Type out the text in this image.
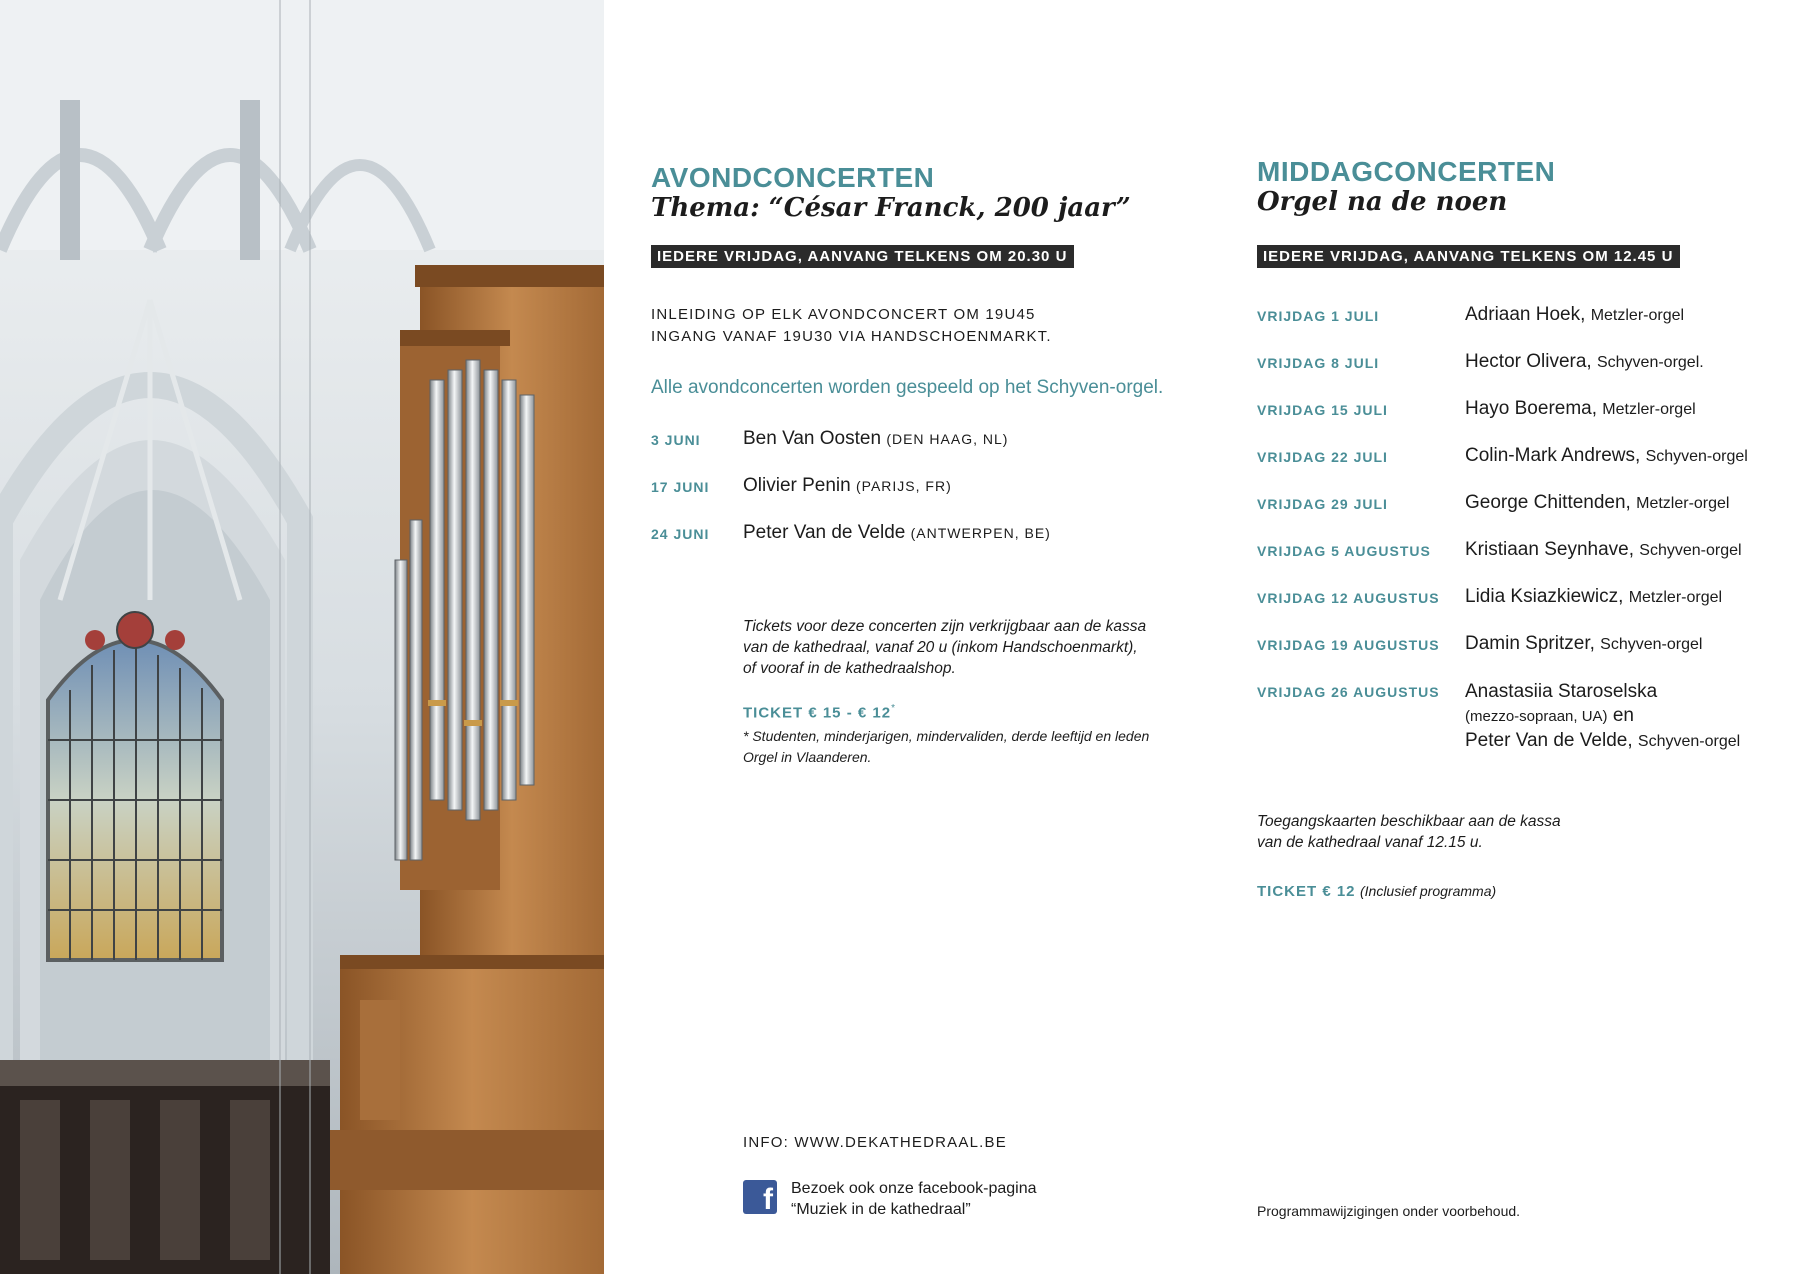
AVONDCONCERTEN
Thema: “César Franck, 200 jaar”
IEDERE VRIJDAG, AANVANG TELKENS OM 20.30 U
INLEIDING OP ELK AVONDCONCERT OM 19U45
INGANG VANAF 19U30 VIA HANDSCHOENMARKT.
Alle avondconcerten worden gespeeld op het Schyven-orgel.
3 JUNI Ben Van Oosten (DEN HAAG, NL)
17 JUNI Olivier Penin (PARIJS, FR)
24 JUNI Peter Van de Velde (ANTWERPEN, BE)
Tickets voor deze concerten zijn verkrijgbaar aan de kassa
van de kathedraal, vanaf 20 u (inkom Handschoenmarkt),
of vooraf in de kathedraalshop.
TICKET € 15 - € 12*
* Studenten, minderjarigen, mindervaliden, derde leeftijd en leden
Orgel in Vlaanderen.
INFO: WWW.DEKATHEDRAAL.BE
f Bezoek ook onze facebook-pagina
“Muziek in de kathedraal”
MIDDAGCONCERTEN
Orgel na de noen
IEDERE VRIJDAG, AANVANG TELKENS OM 12.45 U
VRIJDAG 1 JULI	Adriaan Hoek, Metzler-orgel
VRIJDAG 8 JULI	Hector Olivera, Schyven-orgel.
VRIJDAG 15 JULI	Hayo Boerema, Metzler-orgel
VRIJDAG 22 JULI	Colin-Mark Andrews, Schyven-orgel
VRIJDAG 29 JULI	George Chittenden, Metzler-orgel
VRIJDAG 5 AUGUSTUS Kristiaan Seynhave, Schyven-orgel
VRIJDAG 12 AUGUSTUS Lidia Ksiazkiewicz, Metzler-orgel
VRIJDAG 19 AUGUSTUS Damin Spritzer, Schyven-orgel
VRIJDAG 26 AUGUSTUS Anastasiia Staroselska
(mezzo-sopraan, UA) en
Peter Van de Velde, Schyven-orgel
Toegangskaarten beschikbaar aan de kassa
van de kathedraal vanaf 12.15 u.
TICKET € 12 (Inclusief programma)
Programmawijzigingen onder voorbehoud.
